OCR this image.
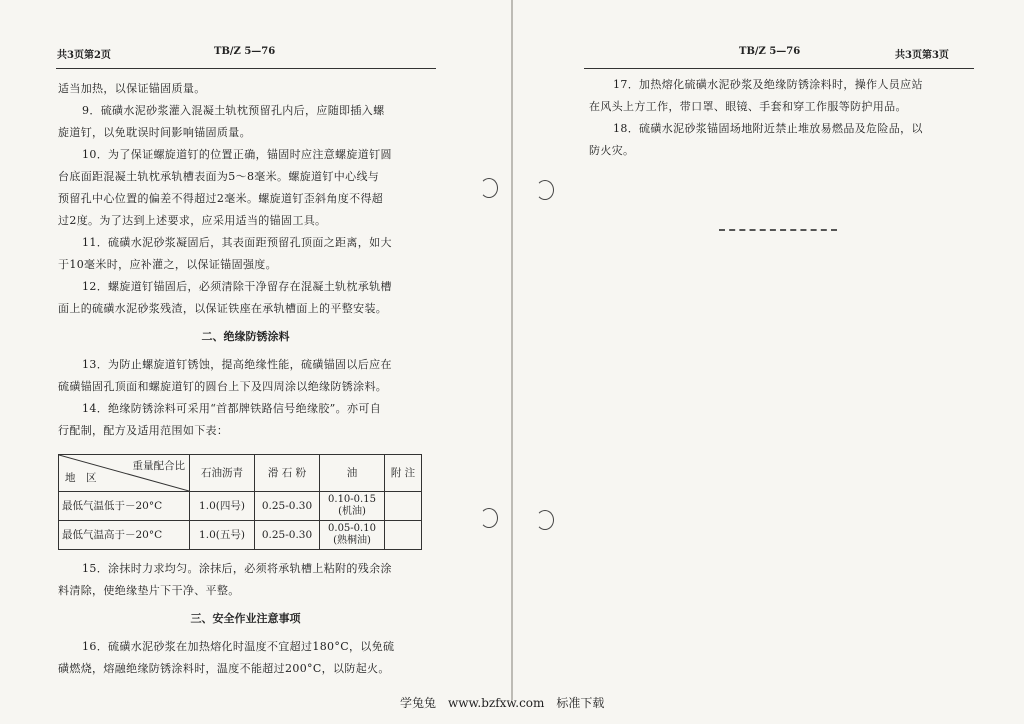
共3页第2页	TB/Z 5—76
适当加热，以保证锚固质量。
9．硫磺水泥砂浆灌入混凝土轨枕预留孔内后，应随即插入螺
旋道钉，以免耽误时间影响锚固质量。
10．为了保证螺旋道钉的位置正确，锚固时应注意螺旋道钉圆
台底面距混凝土轨枕承轨槽表面为5～8毫米。螺旋道钉中心线与
预留孔中心位置的偏差不得超过2毫米。螺旋道钉歪斜角度不得超
过2度。为了达到上述要求，应采用适当的锚固工具。
11．硫磺水泥砂浆凝固后，其表面距预留孔顶面之距离，如大
于10毫米时，应补灌之，以保证锚固强度。
12．螺旋道钉锚固后，必须清除干净留存在混凝土轨枕承轨槽
面上的硫磺水泥砂浆残渣，以保证铁座在承轨槽面上的平整安装。
二、绝缘防锈涂料
13．为防止螺旋道钉锈蚀，提高绝缘性能，硫磺锚固以后应在
硫磺锚固孔顶面和螺旋道钉的圆台上下及四周涂以绝缘防锈涂料。
14．绝缘防锈涂料可采用“首都牌铁路信号绝缘胶”。亦可自
行配制，配方及适用范围如下表：
重量配合比
地　区	石油沥青	滑 石 粉	油	附 注
最低气温低于－20°C	1.0(四号)	0.25-0.30	0.10-0.15
(机油)	

最低气温高于－20°C	1.0(五号)	0.25-0.30	0.05-0.10
(熟桐油)	

15．涂抹时力求均匀。涂抹后，必须将承轨槽上粘附的残余涂
料清除，使绝缘垫片下干净、平整。
三、安全作业注意事项
16．硫磺水泥砂浆在加热熔化时温度不宜超过180°C，以免硫
磺燃烧，熔融绝缘防锈涂料时，温度不能超过200°C，以防起火。
TB/Z 5—76	共3页第3页
17．加热熔化硫磺水泥砂浆及绝缘防锈涂料时，操作人员应站
在风头上方工作，带口罩、眼镜、手套和穿工作服等防护用品。
18．硫磺水泥砂浆锚固场地附近禁止堆放易燃品及危险品，以
防火灾。
学兔兔　www.bzfxw.com　标准下载
